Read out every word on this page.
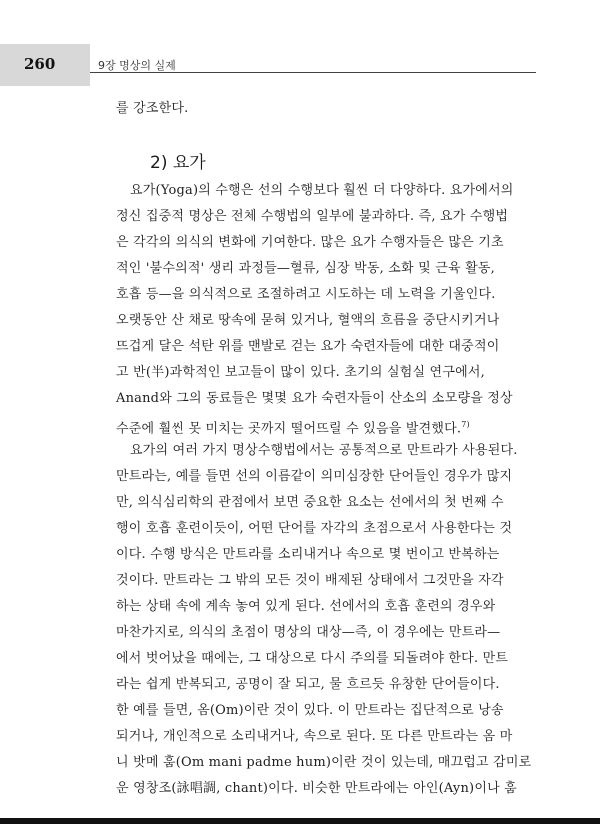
260	9장 명상의 실제
를 강조한다.
2) 요가
요가(Yoga)의 수행은 선의 수행보다 훨씬 더 다양하다. 요가에서의
정신 집중적 명상은 전체 수행법의 일부에 불과하다. 즉, 요가 수행법
은 각각의 의식의 변화에 기여한다. 많은 요가 수행자들은 많은 기초
적인 '불수의적' 생리 과정들—혈류, 심장 박동, 소화 및 근육 활동,
호흡 등—을 의식적으로 조절하려고 시도하는 데 노력을 기울인다.
오랫동안 산 채로 땅속에 묻혀 있거나, 혈액의 흐름을 중단시키거나
뜨겁게 달은 석탄 위를 맨발로 걷는 요가 숙련자들에 대한 대중적이
고 반(半)과학적인 보고들이 많이 있다. 초기의 실험실 연구에서,
Anand와 그의 동료들은 몇몇 요가 숙련자들이 산소의 소모량을 정상
수준에 훨씬 못 미치는 곳까지 떨어뜨릴 수 있음을 발견했다.$^{7)}$
요가의 여러 가지 명상수행법에서는 공통적으로 만트라가 사용된다.
만트라는, 예를 들면 선의 이름같이 의미심장한 단어들인 경우가 많지
만, 의식심리학의 관점에서 보면 중요한 요소는 선에서의 첫 번째 수
행이 호흡 훈련이듯이, 어떤 단어를 자각의 초점으로서 사용한다는 것
이다. 수행 방식은 만트라를 소리내거나 속으로 몇 번이고 반복하는
것이다. 만트라는 그 밖의 모든 것이 배제된 상태에서 그것만을 자각
하는 상태 속에 계속 놓여 있게 된다. 선에서의 호흡 훈련의 경우와
마찬가지로, 의식의 초점이 명상의 대상—즉, 이 경우에는 만트라—
에서 벗어났을 때에는, 그 대상으로 다시 주의를 되돌려야 한다. 만트
라는 쉽게 반복되고, 공명이 잘 되고, 물 흐르듯 유창한 단어들이다.
한 예를 들면, 옴(Om)이란 것이 있다. 이 만트라는 집단적으로 낭송
되거나, 개인적으로 소리내거나, 속으로 된다. 또 다른 만트라는 옴 마
니 밧메 훔(Om mani padme hum)이란 것이 있는데, 매끄럽고 감미로
운 영창조(詠唱調, chant)이다. 비슷한 만트라에는 아인(Ayn)이나 훔
